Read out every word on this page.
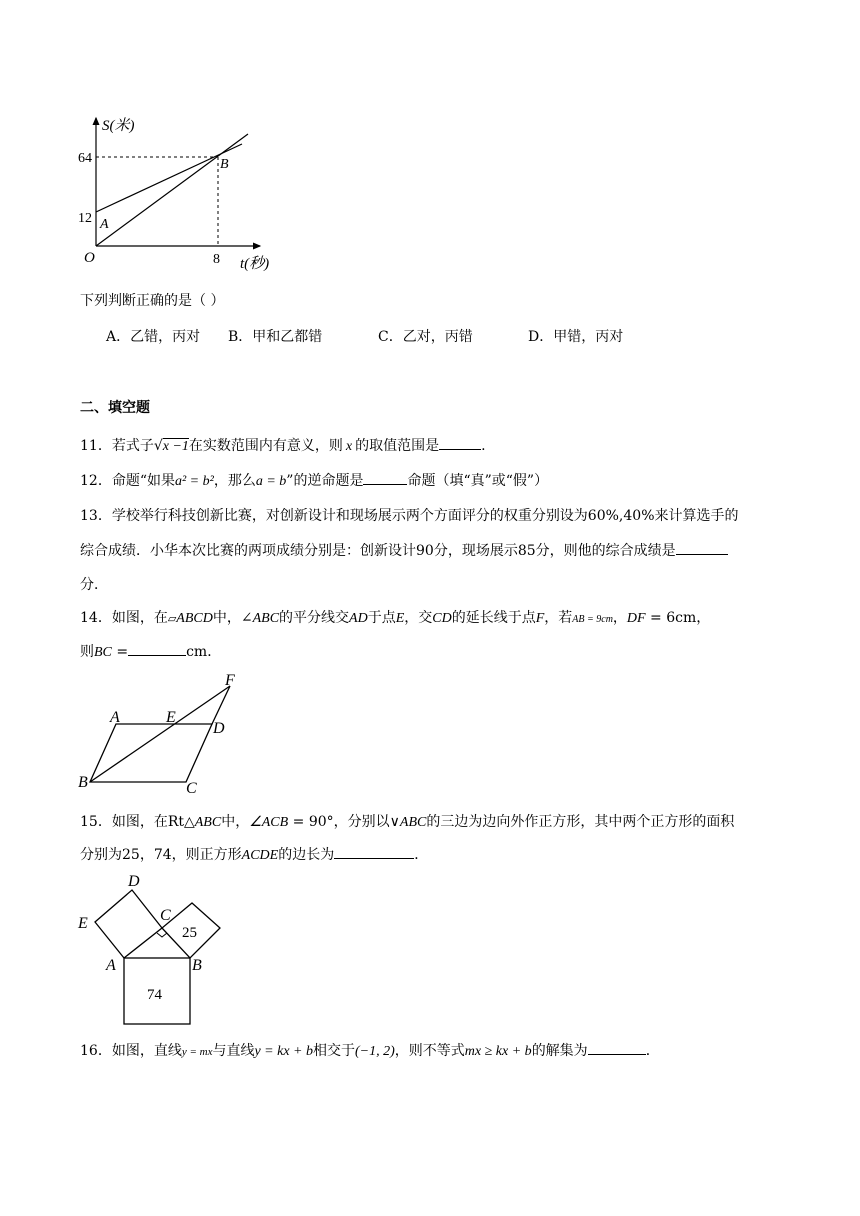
S(米)
64
12 A
B
O	8 t(秒)
下列判断正确的是（ ）
A．乙错，丙对 B．甲和乙都错	C．乙对，丙错	D．甲错，丙对
二、填空题
11．若式子√x −1在实数范围内有意义，则 x 的取值范围是	.
12．命题“如果a² = b²，那么a = b”的逆命题是	命题（填“真”或“假”）
13．学校举行科技创新比赛，对创新设计和现场展示两个方面评分的权重分别设为60%,40%来计算选手的
综合成绩．小华本次比赛的两项成绩分别是：创新设计90分，现场展示85分，则他的综合成绩是
分．
14．如图，在▱ABCD中，∠ABC的平分线交AD于点E，交CD的延长线于点F，若AB = 9cm，DF = 6cm，
则BC =	cm．
F
A	E
D
B	C
15．如图，在Rt△ABC中，∠ACB = 90°，分别以∨ABC的三边为边向外作正方形，其中两个正方形的面积
分别为25，74，则正方形ACDE的边长为	．
D
E	C
A	B
25
74
16．如图，直线y = mx与直线y = kx + b相交于(−1, 2)，则不等式mx ≥ kx + b的解集为	．
